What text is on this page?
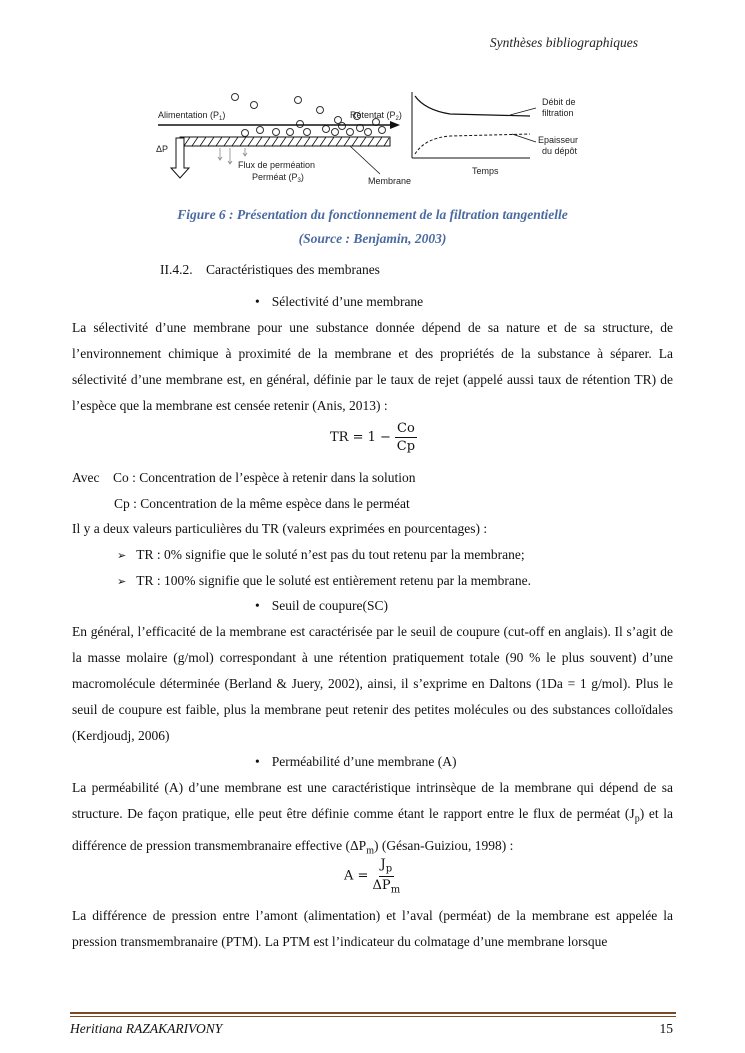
Synthèses bibliographiques
ΔP
Alimentation $(P_1)$	Rétentat $(P_2)$
Flux de perméation
Perméat $(P_3)$	Membrane
Temps
Débit de
filtration
Epaisseur
du dépôt
Figure 6 : Présentation du fonctionnement de la filtration tangentielle
(Source : Benjamin, 2003)
II.4.2. Caractéristiques des membranes
• Sélectivité d’une membrane
La sélectivité d’une membrane pour une substance donnée dépend de sa nature et de sa structure, de l’environnement chimique à proximité de la membrane et des propriétés de la substance à séparer. La sélectivité d’une membrane est, en général, définie par le taux de rejet (appelé aussi taux de rétention TR) de l’espèce que la membrane est censée retenir (Anis, 2013) :
TR = $1 - \frac{Co}{Cp}$
Avec Co : Concentration de l’espèce à retenir dans la solution
Cp : Concentration de la même espèce dans le perméat
Il y a deux valeurs particulières du TR (valeurs exprimées en pourcentages) :
➢ TR : 0% signifie que le soluté n’est pas du tout retenu par la membrane;
➢ TR : 100% signifie que le soluté est entièrement retenu par la membrane.
• Seuil de coupure(SC)
En général, l’efficacité de la membrane est caractérisée par le seuil de coupure (cut-off en anglais). Il s’agit de la masse molaire (g/mol) correspondant à une rétention pratiquement totale (90 % le plus souvent) d’une macromolécule déterminée (Berland & Juery, 2002), ainsi, il s’exprime en Daltons (1Da = 1 g/mol). Plus le seuil de coupure est faible, plus la membrane peut retenir des petites molécules ou des substances colloïdales (Kerdjoudj, 2006)
• Perméabilité d’une membrane (A)
La perméabilité (A) d’une membrane est une caractéristique intrinsèque de la membrane qui dépend de sa structure. De façon pratique, elle peut être définie comme étant le rapport entre le flux de perméat $(J_p)$ et la différence de pression transmembranaire effective $(\Delta P_m)$ (Gésan-Guiziou, 1998) :
$A = \frac{J_p}{\Delta P_m}$
La différence de pression entre l’amont (alimentation) et l’aval (perméat) de la membrane est appelée la pression transmembranaire (PTM). La PTM est l’indicateur du colmatage d’une membrane lorsque
Heritiana RAZAKARIVONY	15
